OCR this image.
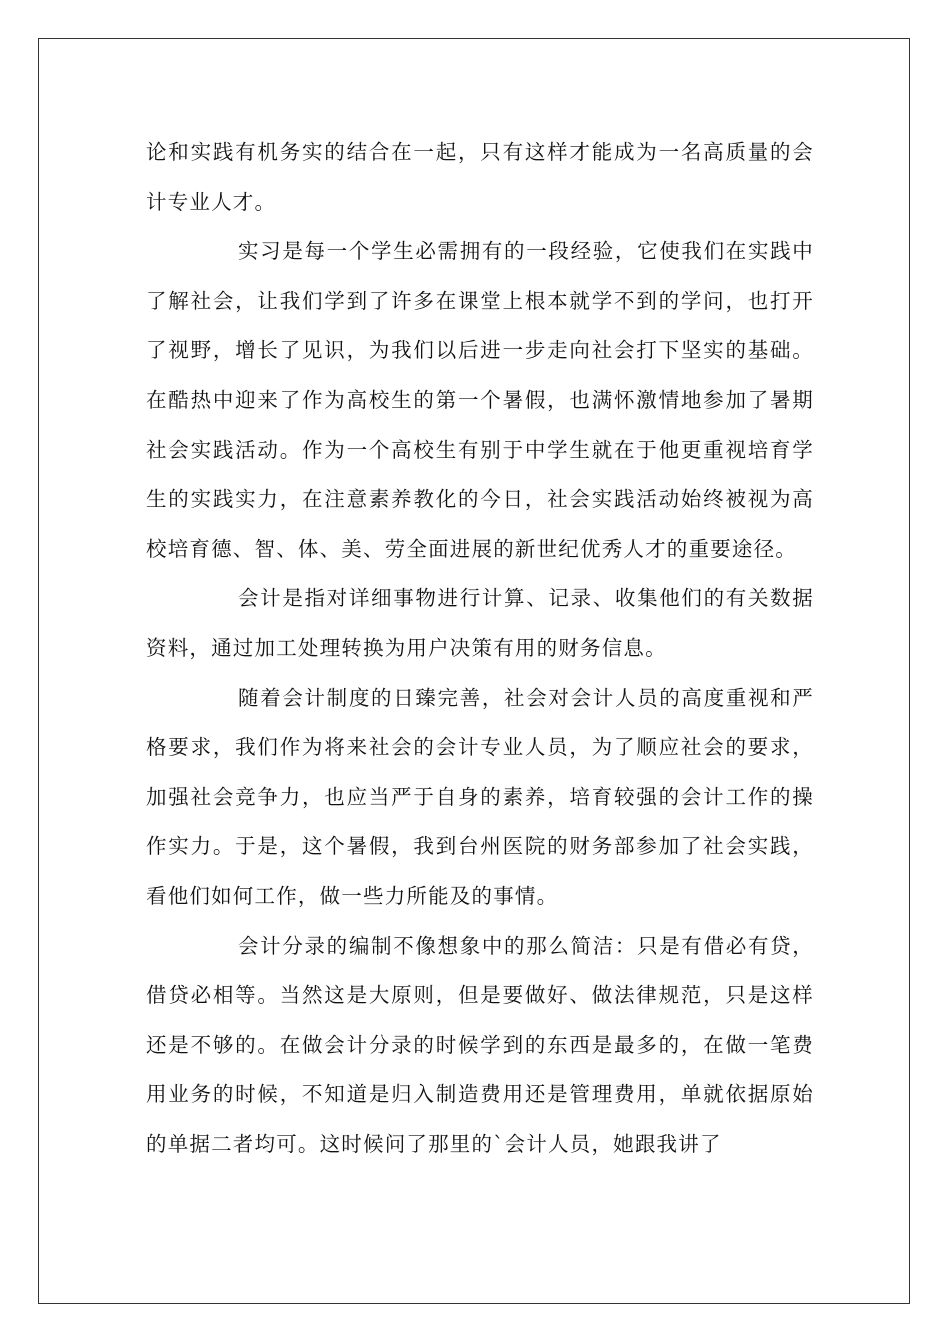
论和实践有机务实的结合在一起，只有这样才能成为一名高质量的会计专业人才。

实习是每一个学生必需拥有的一段经验，它使我们在实践中了解社会，让我们学到了许多在课堂上根本就学不到的学问，也打开了视野，增长了见识，为我们以后进一步走向社会打下坚实的基础。在酷热中迎来了作为高校生的第一个暑假，也满怀激情地参加了暑期社会实践活动。作为一个高校生有别于中学生就在于他更重视培育学生的实践实力，在注意素养教化的今日，社会实践活动始终被视为高校培育德、智、体、美、劳全面进展的新世纪优秀人才的重要途径。

会计是指对详细事物进行计算、记录、收集他们的有关数据资料，通过加工处理转换为用户决策有用的财务信息。

随着会计制度的日臻完善，社会对会计人员的高度重视和严格要求，我们作为将来社会的会计专业人员，为了顺应社会的要求，加强社会竞争力，也应当严于自身的素养，培育较强的会计工作的操作实力。于是，这个暑假，我到台州医院的财务部参加了社会实践，看他们如何工作，做一些力所能及的事情。

会计分录的编制不像想象中的那么简洁：只是有借必有贷，借贷必相等。当然这是大原则，但是要做好、做法律规范，只是这样还是不够的。在做会计分录的时候学到的东西是最多的，在做一笔费用业务的时候，不知道是归入制造费用还是管理费用，单就依据原始的单据二者均可。这时候问了那里的`会计人员，她跟我讲了
